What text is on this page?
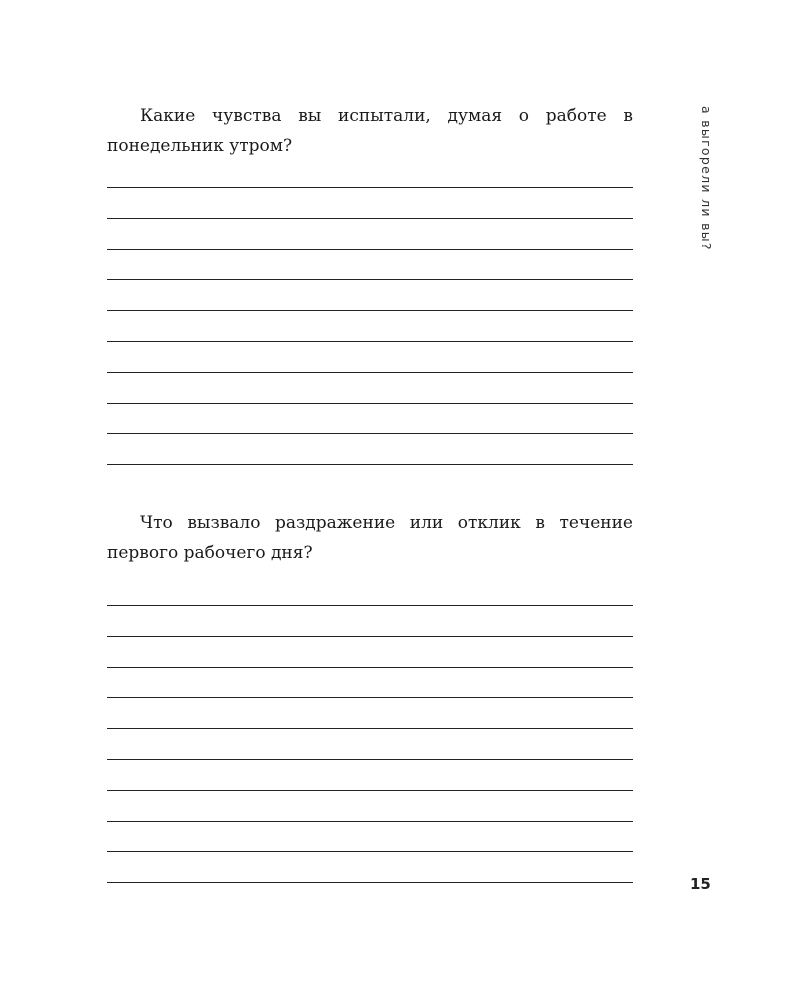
Какие чувства вы испытали, думая о работе в понедельник утром?

Что вызвало раздражение или отклик в течение первого рабочего дня?

а выгорели ли вы?
15
